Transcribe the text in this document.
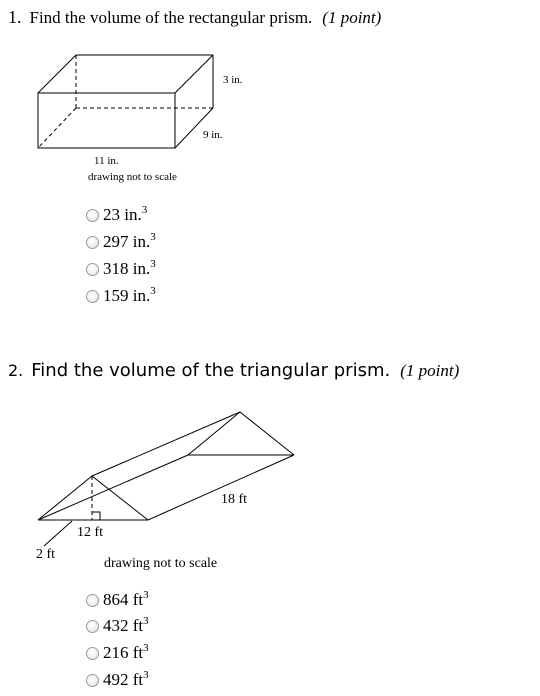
1. Find the volume of the rectangular prism. (1 point)
3 in.
9 in.
11 in.
drawing not to scale
23 in.$^3$
297 in.$^3$
318 in.$^3$
159 in.$^3$
2. Find the volume of the triangular prism. (1 point)
18 ft
12 ft
2 ft
drawing not to scale
864 $ft^3$
432 $ft^3$
216 $ft^3$
492 $ft^3$
